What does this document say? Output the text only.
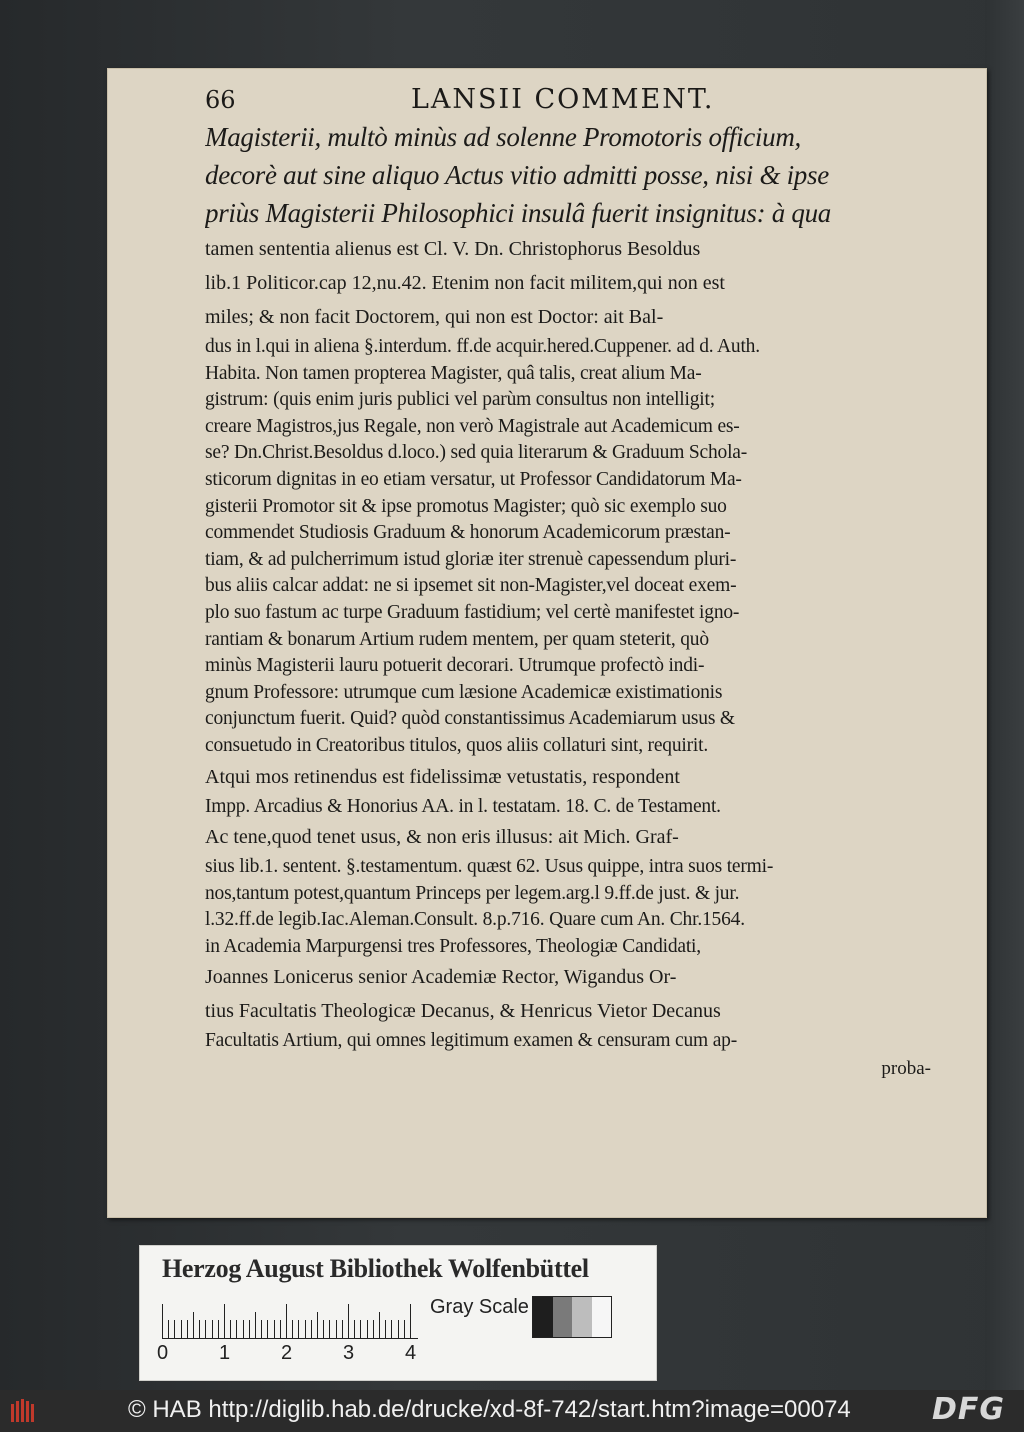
66	LANSII COMMENT.
Magisterii, multò minùs ad solenne Promotoris officium,
decorè aut sine aliquo Actus vitio admitti posse, nisi & ipse
priùs Magisterii Philosophici insulâ fuerit insignitus: à qua
tamen sententia alienus est Cl. V. Dn. Christophorus Besoldus
lib.1 Politicor.cap 12,nu.42. Etenim non facit militem,qui non est
miles; & non facit Doctorem, qui non est Doctor: ait Bal-
dus in l.qui in aliena §.interdum. ff.de acquir.hered.Cuppener. ad d. Auth.
Habita. Non tamen propterea Magister, quâ talis, creat alium Ma-
gistrum: (quis enim juris publici vel parùm consultus non intelligit;
creare Magistros,jus Regale, non verò Magistrale aut Academicum es-
se? Dn.Christ.Besoldus d.loco.) sed quia literarum & Graduum Schola-
sticorum dignitas in eo etiam versatur, ut Professor Candidatorum Ma-
gisterii Promotor sit & ipse promotus Magister; quò sic exemplo suo
commendet Studiosis Graduum & honorum Academicorum præstan-
tiam, & ad pulcherrimum istud gloriæ iter strenuè capessendum pluri-
bus aliis calcar addat: ne si ipsemet sit non-Magister,vel doceat exem-
plo suo fastum ac turpe Graduum fastidium; vel certè manifestet igno-
rantiam & bonarum Artium rudem mentem, per quam steterit, quò
minùs Magisterii lauru potuerit decorari. Utrumque profectò indi-
gnum Professore: utrumque cum læsione Academicæ existimationis
conjunctum fuerit. Quid? quòd constantissimus Academiarum usus &
consuetudo in Creatoribus titulos, quos aliis collaturi sint, requirit.
Atqui mos retinendus est fidelissimæ vetustatis, respondent
Impp. Arcadius & Honorius AA. in l. testatam. 18. C. de Testament.
Ac tene,quod tenet usus, & non eris illusus: ait Mich. Graf-
sius lib.1. sentent. §.testamentum. quæst 62. Usus quippe, intra suos termi-
nos,tantum potest,quantum Princeps per legem.arg.l 9.ff.de just. & jur.
l.32.ff.de legib.Iac.Aleman.Consult. 8.p.716. Quare cum An. Chr.1564.
in Academia Marpurgensi tres Professores, Theologiæ Candidati,
Joannes Lonicerus senior Academiæ Rector, Wigandus Or-
tius Facultatis Theologicæ Decanus, & Henricus Vietor Decanus
Facultatis Artium, qui omnes legitimum examen & censuram cum ap-
proba-
Herzog August Bibliothek Wolfenbüttel
0	1	2	3	4
Gray Scale
© HAB http://diglib.hab.de/drucke/xd-8f-742/start.htm?image=00074	DFG
